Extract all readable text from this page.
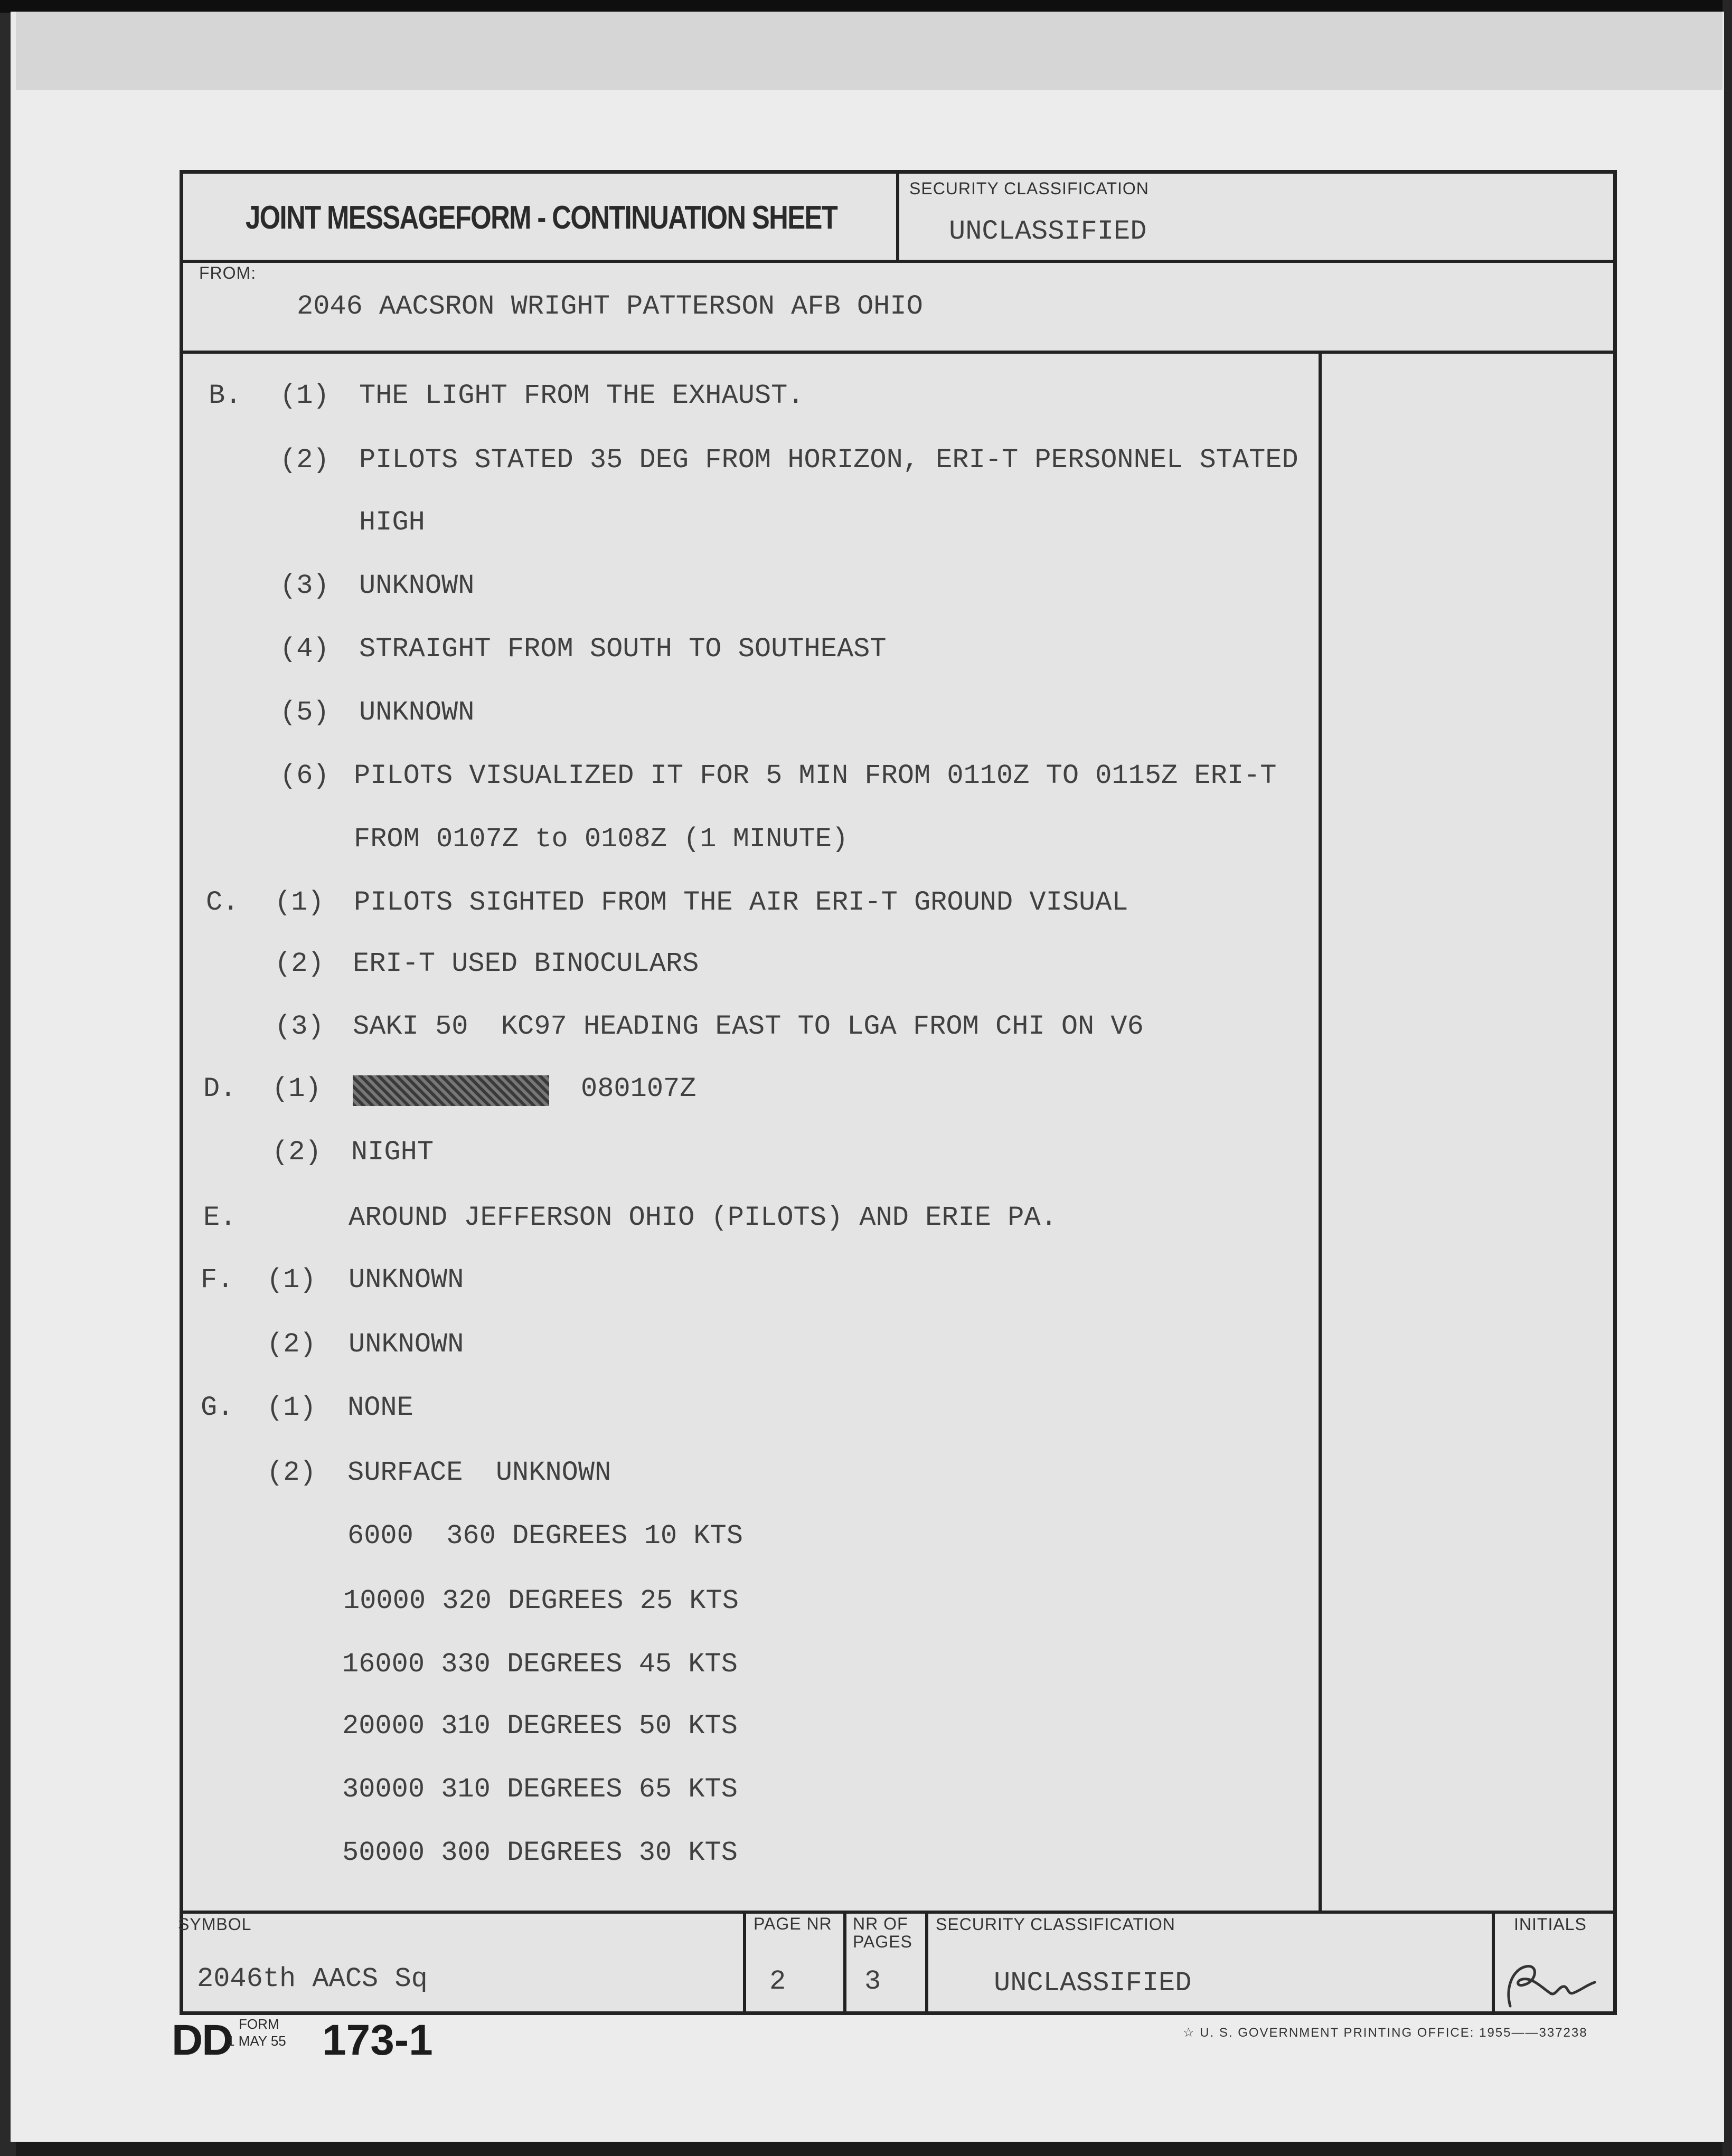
JOINT MESSAGEFORM - CONTINUATION SHEET
SECURITY CLASSIFICATION
UNCLASSIFIED
FROM:
2046 AACSRON WRIGHT PATTERSON AFB OHIO
SYMBOL
2046th AACS Sq
PAGE NR
2
NR OF PAGES
3
SECURITY CLASSIFICATION
UNCLASSIFIED
INITIALS
B. (1) THE LIGHT FROM THE EXHAUST.
(2) PILOTS STATED 35 DEG FROM HORIZON, ERI-T PERSONNEL STATED
HIGH
(3) UNKNOWN
(4) STRAIGHT FROM SOUTH TO SOUTHEAST
(5) UNKNOWN
(6) PILOTS VISUALIZED IT FOR 5 MIN FROM 0110Z TO 0115Z ERI-T
FROM 0107Z to 0108Z (1 MINUTE)
C. (1) PILOTS SIGHTED FROM THE AIR ERI-T GROUND VISUAL
(2) ERI-T USED BINOCULARS
(3) SAKI 50  KC97 HEADING EAST TO LGA FROM CHI ON V6
D. (1)	080107Z
(2) NIGHT
E.	AROUND JEFFERSON OHIO (PILOTS) AND ERIE PA.
F. (1) UNKNOWN
(2) UNKNOWN
G. (1) NONE
(2) SURFACE  UNKNOWN
6000  360 DEGREES 10 KTS
10000 320 DEGREES 25 KTS
16000 330 DEGREES 45 KTS
20000 310 DEGREES 50 KTS
30000 310 DEGREES 65 KTS
50000 300 DEGREES 30 KTS
DD FORM
1 MAY 55 173-1	☆ U. S. GOVERNMENT PRINTING OFFICE: 1955——337238
